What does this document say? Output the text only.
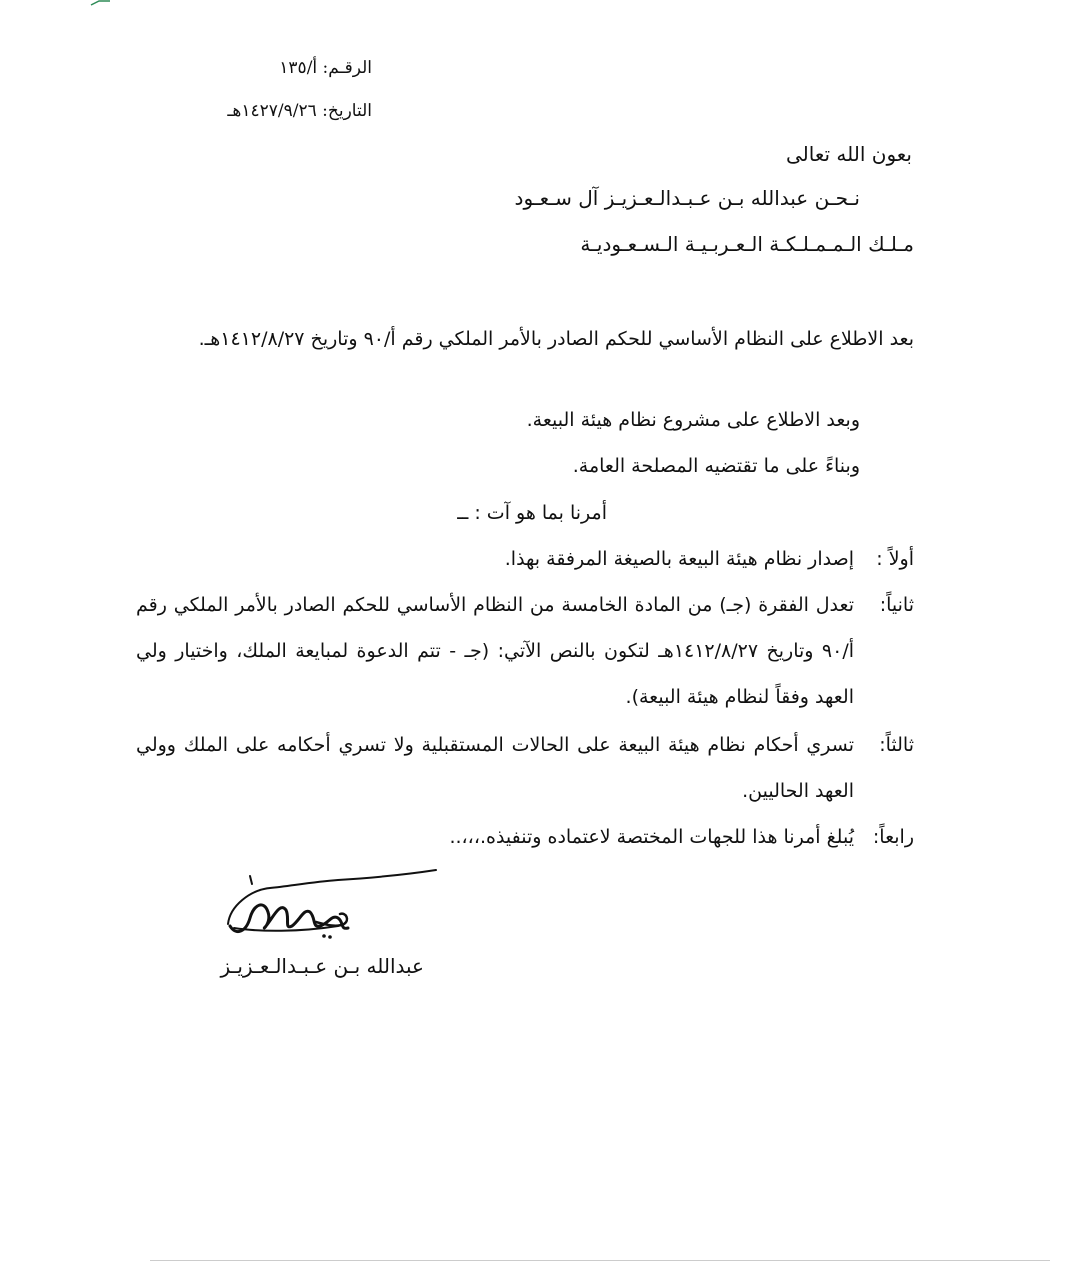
الرقـم: أ/١٣٥
التاريخ: ١٤٢٧/٩/٢٦هـ
بعون الله تعالى
نـحـن عبدالله بـن عـبـدالـعـزيـز آل سـعـود
مـلـك الـمـمـلـكـة الـعـربـيـة الـسـعـوديـة
بعد الاطلاع على النظام الأساسي للحكم الصادر بالأمر الملكي رقم أ/٩٠ وتاريخ ١٤١٢/٨/٢٧هـ.
وبعد الاطلاع على مشروع نظام هيئة البيعة.
وبناءً على ما تقتضيه المصلحة العامة.
أمرنا بما هو آت : ــ
أولاً :
إصدار نظام هيئة البيعة بالصيغة المرفقة بهذا.
ثانياً:
تعدل الفقرة (جـ) من المادة الخامسة من النظام الأساسي للحكم الصادر بالأمر الملكي رقم أ/٩٠ وتاريخ ١٤١٢/٨/٢٧هـ لتكون بالنص الآتي: (جـ - تتم الدعوة لمبايعة الملك، واختيار ولي العهد وفقاً لنظام هيئة البيعة).
ثالثاً:
تسري أحكام نظام هيئة البيعة على الحالات المستقبلية ولا تسري أحكامه على الملك وولي العهد الحاليين.
رابعاً:
يُبلغ أمرنا هذا للجهات المختصة لاعتماده وتنفيذه.،،،..
عبدالله بـن عـبـدالـعـزيـز
